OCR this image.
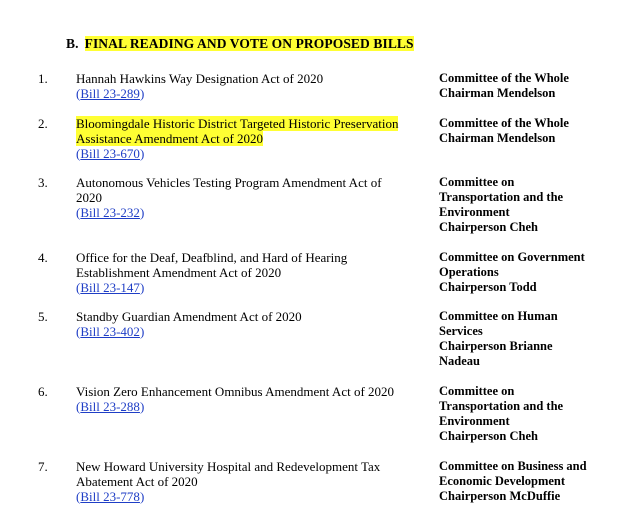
B. FINAL READING AND VOTE ON PROPOSED BILLS
1. Hannah Hawkins Way Designation Act of 2020
(Bill 23-289)
Committee of the Whole
Chairman Mendelson
2. Bloomingdale Historic District Targeted Historic Preservation
Assistance Amendment Act of 2020
(Bill 23-670)
Committee of the Whole
Chairman Mendelson
3. Autonomous Vehicles Testing Program Amendment Act of
2020
(Bill 23-232)
Committee on
Transportation and the
Environment
Chairperson Cheh
4. Office for the Deaf, Deafblind, and Hard of Hearing
Establishment Amendment Act of 2020
(Bill 23-147)
Committee on Government
Operations
Chairperson Todd
5. Standby Guardian Amendment Act of 2020
(Bill 23-402)
Committee on Human
Services
Chairperson Brianne
Nadeau
6. Vision Zero Enhancement Omnibus Amendment Act of 2020
(Bill 23-288)
Committee on
Transportation and the
Environment
Chairperson Cheh
7. New Howard University Hospital and Redevelopment Tax
Abatement Act of 2020
(Bill 23-778)
Committee on Business and
Economic Development
Chairperson McDuffie
